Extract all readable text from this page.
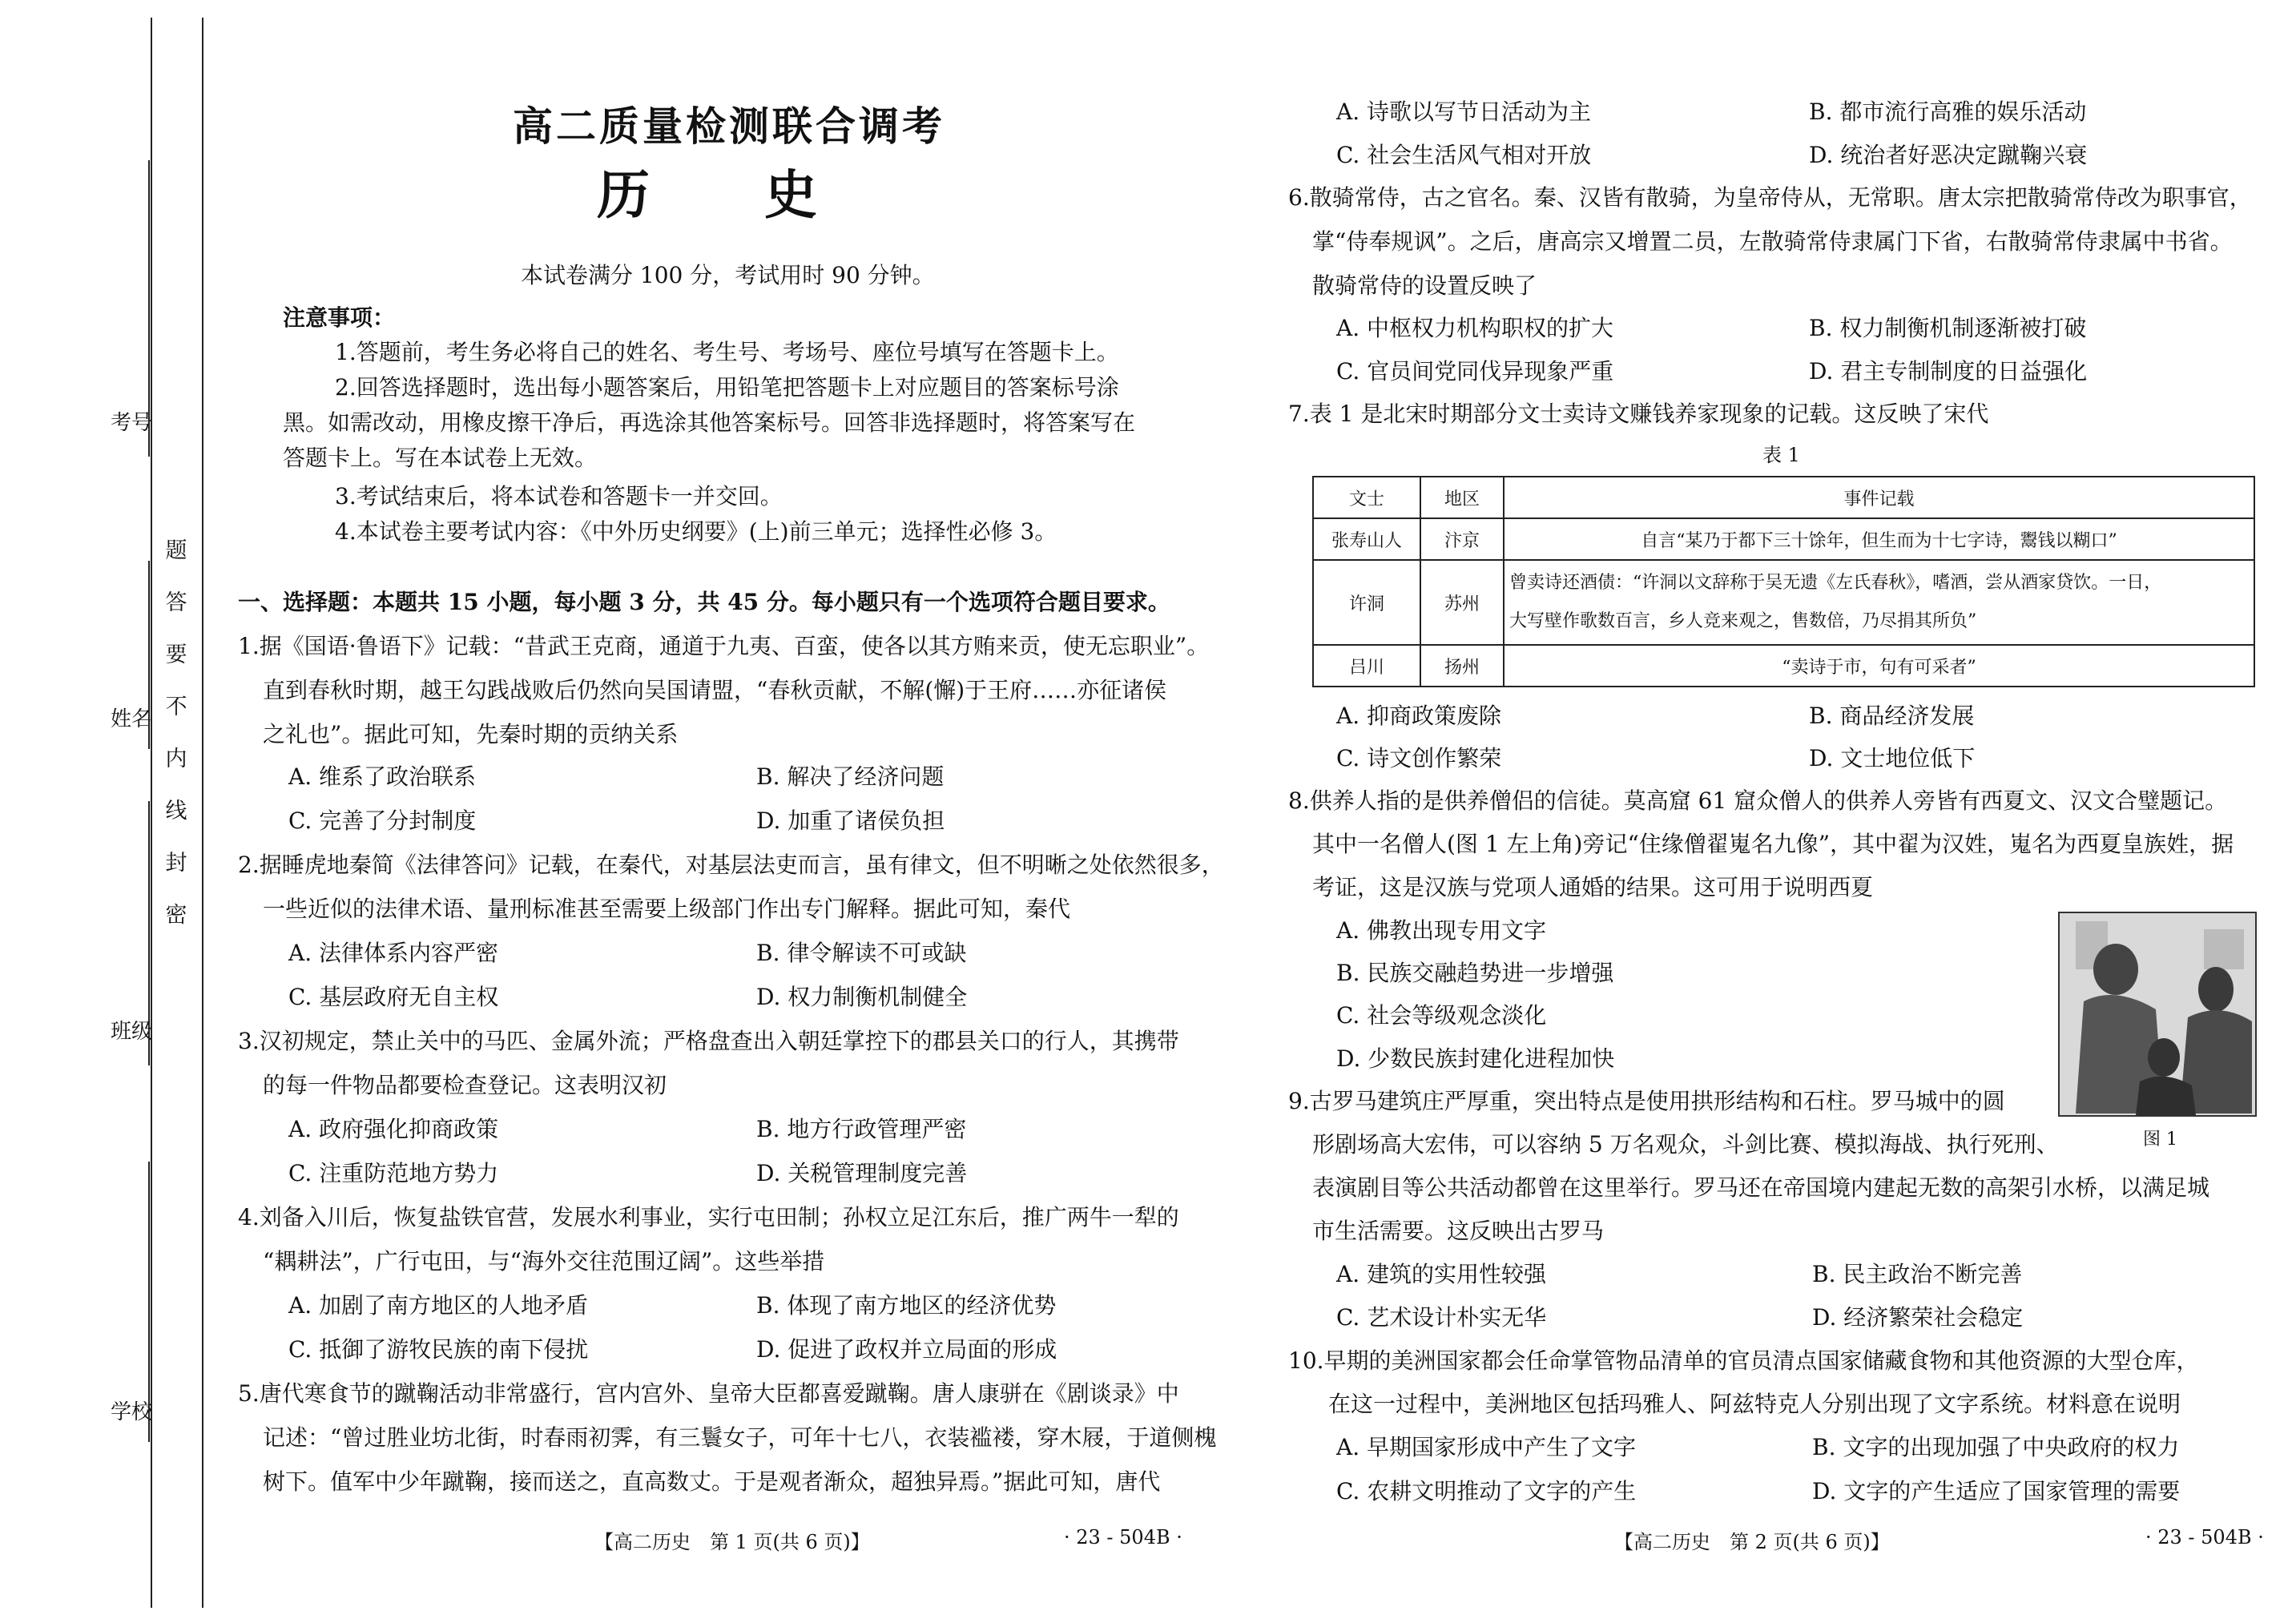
考号
姓名
班级
学校
题
答
要
不
内
线
封
密
高二质量检测联合调考
历 史
本试卷满分 100 分，考试用时 90 分钟。
注意事项：
1.答题前，考生务必将自己的姓名、考生号、考场号、座位号填写在答题卡上。
2.回答选择题时，选出每小题答案后，用铅笔把答题卡上对应题目的答案标号涂
黑。如需改动，用橡皮擦干净后，再选涂其他答案标号。回答非选择题时，将答案写在
答题卡上。写在本试卷上无效。
3.考试结束后，将本试卷和答题卡一并交回。
4.本试卷主要考试内容：《中外历史纲要》(上)前三单元；选择性必修 3。
一、选择题：本题共 15 小题，每小题 3 分，共 45 分。每小题只有一个选项符合题目要求。
1.据《国语·鲁语下》记载：“昔武王克商，通道于九夷、百蛮，使各以其方贿来贡，使无忘职业”。
直到春秋时期，越王勾践战败后仍然向吴国请盟，“春秋贡献，不解(懈)于王府……亦征诸侯
之礼也”。据此可知，先秦时期的贡纳关系
A. 维系了政治联系	B. 解决了经济问题
C. 完善了分封制度	D. 加重了诸侯负担
2.据睡虎地秦简《法律答问》记载，在秦代，对基层法吏而言，虽有律文，但不明晰之处依然很多，
一些近似的法律术语、量刑标准甚至需要上级部门作出专门解释。据此可知，秦代
A. 法律体系内容严密	B. 律令解读不可或缺
C. 基层政府无自主权	D. 权力制衡机制健全
3.汉初规定，禁止关中的马匹、金属外流；严格盘查出入朝廷掌控下的郡县关口的行人，其携带
的每一件物品都要检查登记。这表明汉初
A. 政府强化抑商政策	B. 地方行政管理严密
C. 注重防范地方势力	D. 关税管理制度完善
4.刘备入川后，恢复盐铁官营，发展水利事业，实行屯田制；孙权立足江东后，推广两牛一犁的
“耦耕法”，广行屯田，与“海外交往范围辽阔”。这些举措
A. 加剧了南方地区的人地矛盾	B. 体现了南方地区的经济优势
C. 抵御了游牧民族的南下侵扰	D. 促进了政权并立局面的形成
5.唐代寒食节的蹴鞠活动非常盛行，宫内宫外、皇帝大臣都喜爱蹴鞠。唐人康骈在《剧谈录》中
记述：“曾过胜业坊北街，时春雨初霁，有三鬟女子，可年十七八，衣装褴褛，穿木屐，于道侧槐
树下。值军中少年蹴鞠，接而送之，直高数丈。于是观者渐众，超独异焉。”据此可知，唐代
【高二历史　第 1 页(共 6 页)】	· 23 - 504B ·
A. 诗歌以写节日活动为主	B. 都市流行高雅的娱乐活动
C. 社会生活风气相对开放	D. 统治者好恶决定蹴鞠兴衰
6.散骑常侍，古之官名。秦、汉皆有散骑，为皇帝侍从，无常职。唐太宗把散骑常侍改为职事官，
掌“侍奉规讽”。之后，唐高宗又增置二员，左散骑常侍隶属门下省，右散骑常侍隶属中书省。
散骑常侍的设置反映了
A. 中枢权力机构职权的扩大	B. 权力制衡机制逐渐被打破
C. 官员间党同伐异现象严重	D. 君主专制制度的日益强化
7.表 1 是北宋时期部分文士卖诗文赚钱养家现象的记载。这反映了宋代
表 1
文士	地区	事件记载
张寿山人	汴京	自言“某乃于都下三十馀年，但生而为十七字诗，鬻钱以糊口”
许洞	苏州	曾卖诗还酒债：“许洞以文辞称于吴无遗《左氏春秋》，嗜酒，尝从酒家贷饮。一日，
大写壁作歌数百言，乡人竞来观之，售数倍，乃尽捐其所负”

吕川	扬州	“卖诗于市，句有可采者”
A. 抑商政策废除	B. 商品经济发展
C. 诗文创作繁荣	D. 文士地位低下
8.供养人指的是供养僧侣的信徒。莫高窟 61 窟众僧人的供养人旁皆有西夏文、汉文合璧题记。
其中一名僧人(图 1 左上角)旁记“住缘僧翟嵬名九像”，其中翟为汉姓，嵬名为西夏皇族姓，据
考证，这是汉族与党项人通婚的结果。这可用于说明西夏
A. 佛教出现专用文字
B. 民族交融趋势进一步增强
C. 社会等级观念淡化
D. 少数民族封建化进程加快
图 1
9.古罗马建筑庄严厚重，突出特点是使用拱形结构和石柱。罗马城中的圆
形剧场高大宏伟，可以容纳 5 万名观众，斗剑比赛、模拟海战、执行死刑、
表演剧目等公共活动都曾在这里举行。罗马还在帝国境内建起无数的高架引水桥，以满足城
市生活需要。这反映出古罗马
A. 建筑的实用性较强	B. 民主政治不断完善
C. 艺术设计朴实无华	D. 经济繁荣社会稳定
10.早期的美洲国家都会任命掌管物品清单的官员清点国家储藏食物和其他资源的大型仓库，
在这一过程中，美洲地区包括玛雅人、阿兹特克人分别出现了文字系统。材料意在说明
A. 早期国家形成中产生了文字	B. 文字的出现加强了中央政府的权力
C. 农耕文明推动了文字的产生	D. 文字的产生适应了国家管理的需要
【高二历史　第 2 页(共 6 页)】	· 23 - 504B ·
